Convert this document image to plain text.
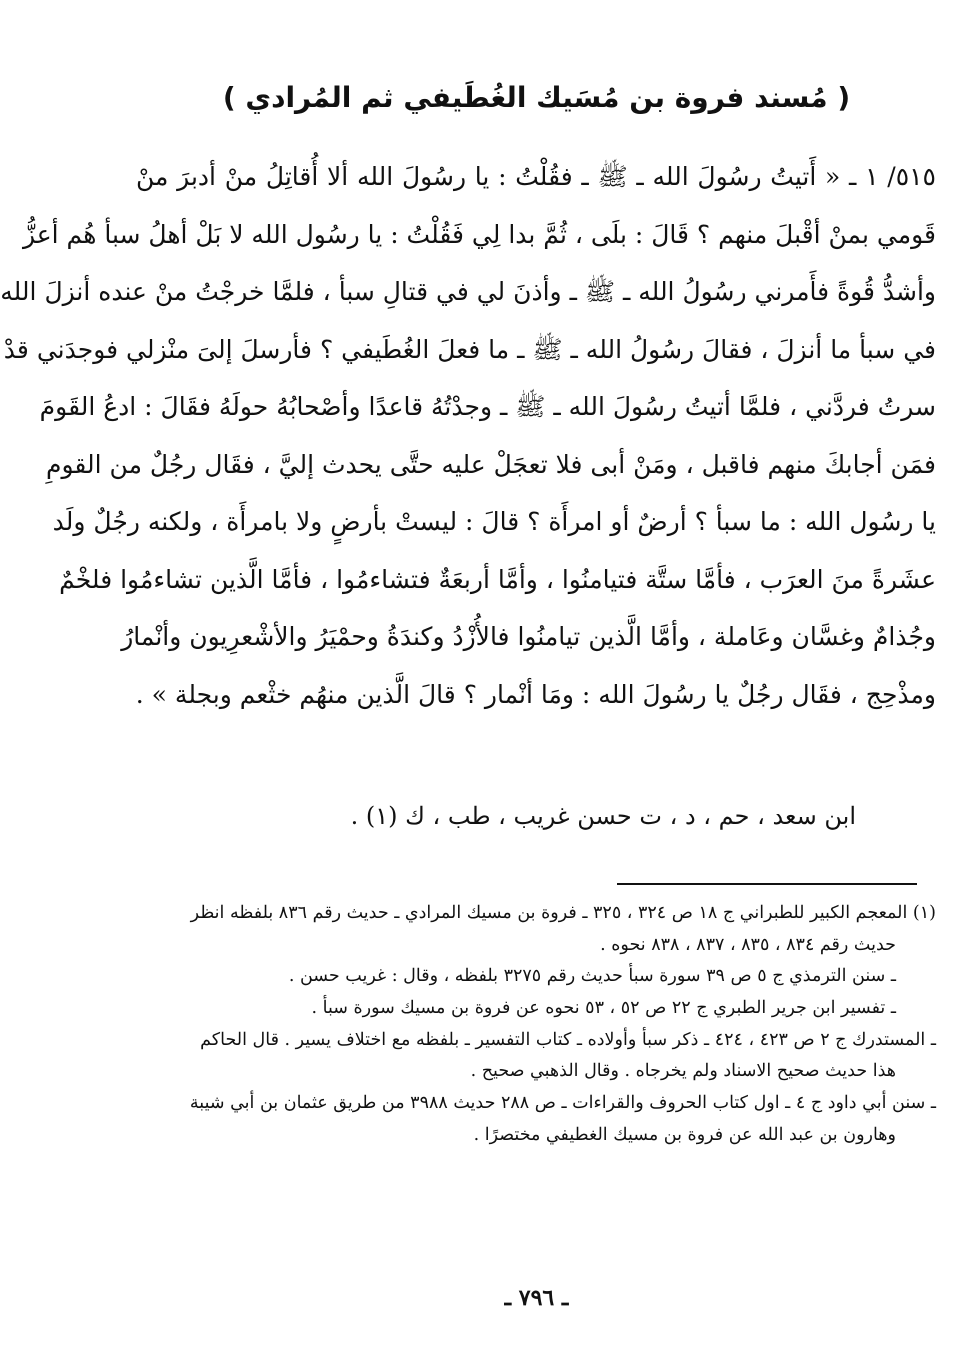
( مُسند فروة بن مُسَيك الغُطَيفي ثم المُرادي )
٥١٥/ ١ ـ « أَتيتُ رسُولَ الله ـ ﷺ ـ فقُلْتُ : يا رسُولَ الله ألا أُقاتِلُ منْ أدبرَ منْ
قَومي بمنْ أقْبلَ منهم ؟ قَالَ : بلَى ، ثُمَّ بدا لِي فَقُلْتُ : يا رسُول الله لا بَلْ أهلُ سبأ هُم أعزُّ
وأشدُّ قُوةً فأَمرني رسُولُ الله ـ ﷺ ـ وأذنَ لي في قتالِ سبأ ، فلمَّا خرجْتُ منْ عنده أنزلَ الله
في سبأ ما أنزلَ ، فقالَ رسُولُ الله ـ ﷺ ـ ما فعلَ الغُطَيفي ؟ فأرسلَ إلىَ منْزلي فوجدَني قدْ
سرتُ فردَّني ، فلمَّا أتيتُ رسُولَ الله ـ ﷺ ـ وجدْتُهُ قاعدًا وأصْحابُهُ حولَهُ فقَالَ : ادعُ القَومَ
فمَن أجابكَ منهم فاقبل ، ومَنْ أبى فلا تعجَلْ عليه حتَّى يحدث إليَّ ، فقَال رجُلٌ من القومِ
يا رسُول الله : ما سبأ ؟ أرضٌ أو امرأَة ؟ قالَ : ليستْ بأرضٍ ولا بامرأَة ، ولكنه رجُلٌ ولَد
عشَرةً منَ العرَب ، فأمَّا ستَّة فتيامنُوا ، وأمَّا أربعَةٌ فتشاءمُوا ، فأمَّا الَّذين تشاءمُوا فلخْمٌ
وجُذامٌ وغسَّان وعَاملة ، وأمَّا الَّذين تيامنُوا فالأُزْدُ وكندَةُ وحمْيَرُ والأشْعرِيون وأنْمارُ
ومذْحِج ، فقَال رجُلٌ يا رسُولَ الله : ومَا أنْمار ؟ قالَ الَّذين منهُم خثْعم وبجلة » .
ابن سعد ، حم ، د ، ت حسن غريب ، طب ، ك (١) .
(١) المعجم الكبير للطبراني ج ١٨ ص ٣٢٤ ، ٣٢٥ ـ فروة بن مسيك المرادي ـ حديث رقم ٨٣٦ بلفظه انظر
حديث رقم ٨٣٤ ، ٨٣٥ ، ٨٣٧ ، ٨٣٨ نحوه .
ـ سنن الترمذي ج ٥ ص ٣٩ سورة سبأ حديث رقم ٣٢٧٥ بلفظه ، وقال : غريب حسن .
ـ تفسير ابن جرير الطبري ج ٢٢ ص ٥٢ ، ٥٣ نحوه عن فروة بن مسيك سورة سبأ .
ـ المستدرك ج ٢ ص ٤٢٣ ، ٤٢٤ ـ ذكر سبأ وأولاده ـ كتاب التفسير ـ بلفظه مع اختلاف يسير . قال الحاكم
هذا حديث صحيح الاسناد ولم يخرجاه . وقال الذهبي صحيح .
ـ سنن أبي داود ج ٤ ـ اول كتاب الحروف والقراءات ـ ص ٢٨٨ حديث ٣٩٨٨ من طريق عثمان بن أبي شيبة
وهارون بن عبد الله عن فروة بن مسيك الغطيفي مختصرًا .
ـ ٧٩٦ ـ
